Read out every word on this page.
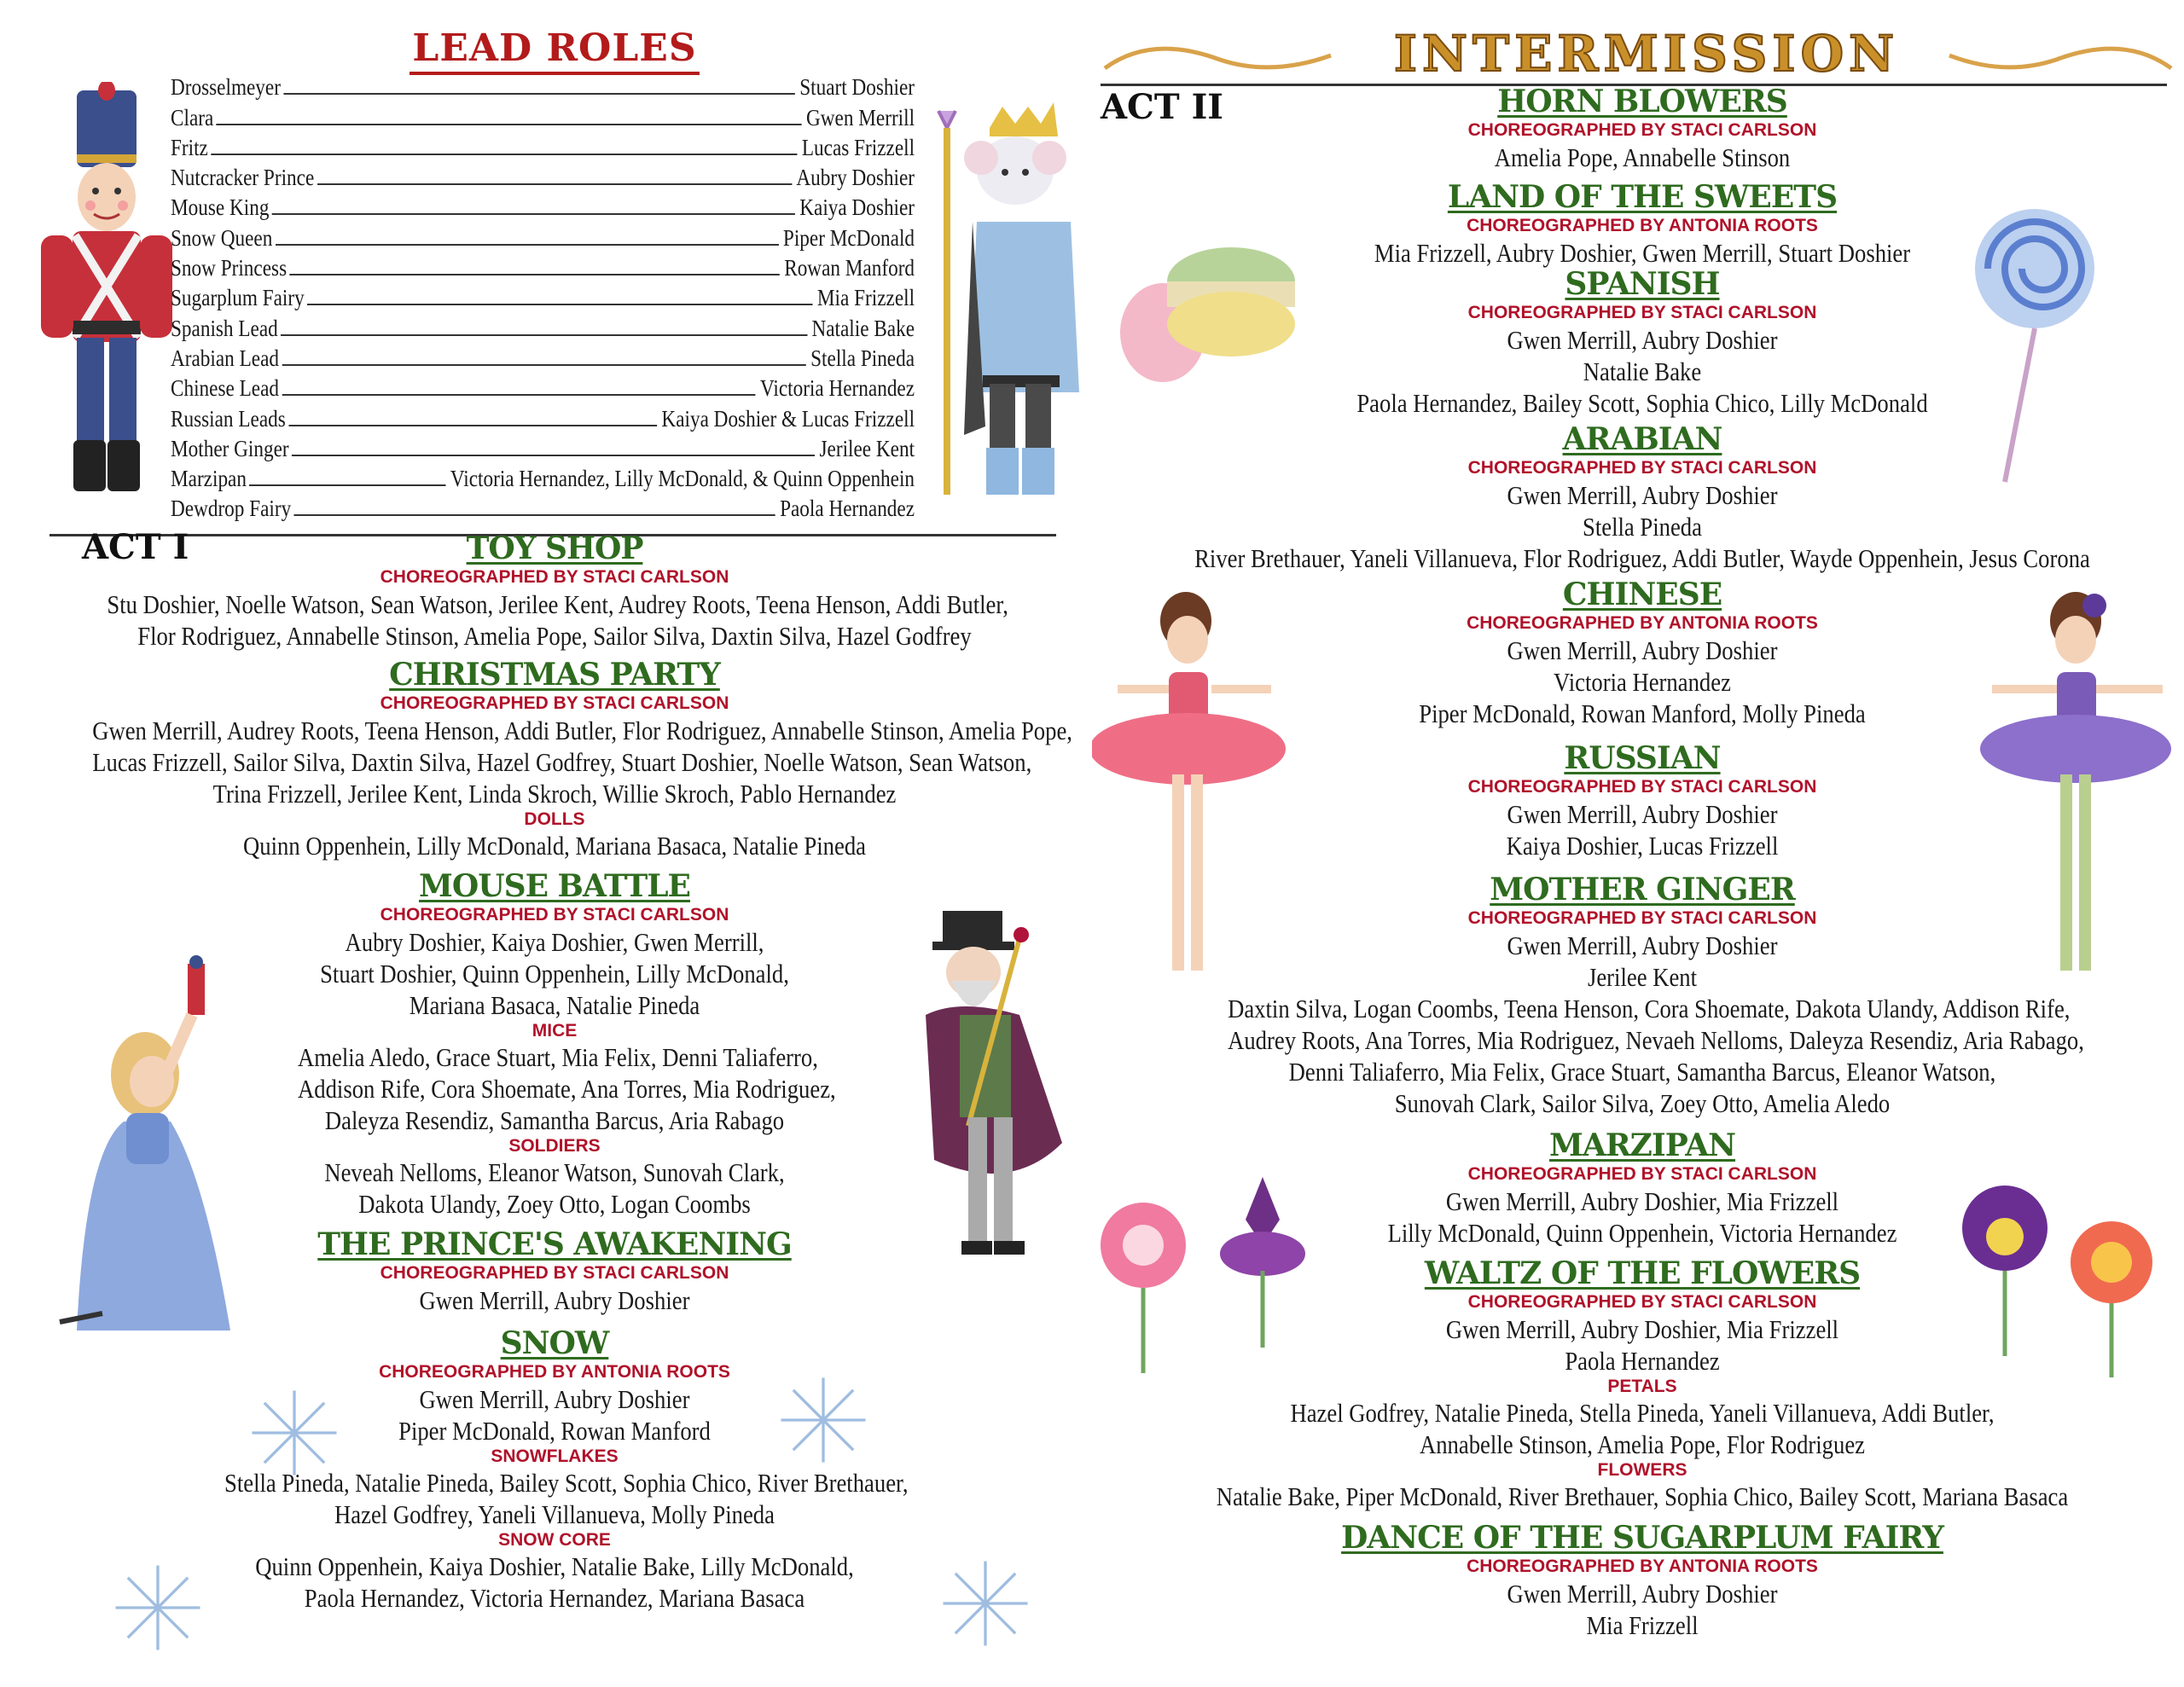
LEAD ROLES
Drosselmeyer	Stuart Doshier
Clara	Gwen Merrill
Fritz	Lucas Frizzell
Nutcracker Prince	Aubry Doshier
Mouse King	Kaiya Doshier
Snow Queen	Piper McDonald
Snow Princess	Rowan Manford
Sugarplum Fairy	Mia Frizzell
Spanish Lead	Natalie Bake
Arabian Lead	Stella Pineda
Chinese Lead	Victoria Hernandez
Russian Leads	Kaiya Doshier & Lucas Frizzell
Mother Ginger	Jerilee Kent
Marzipan	Victoria Hernandez, Lilly McDonald, & Quinn Oppenhein
Dewdrop Fairy	Paola Hernandez
ACT I	TOY SHOP
CHOREOGRAPHED BY STACI CARLSON
Stu Doshier, Noelle Watson, Sean Watson, Jerilee Kent, Audrey Roots, Teena Henson, Addi Butler,
Flor Rodriguez, Annabelle Stinson, Amelia Pope, Sailor Silva, Daxtin Silva, Hazel Godfrey
CHRISTMAS PARTY
CHOREOGRAPHED BY STACI CARLSON
Gwen Merrill, Audrey Roots, Teena Henson, Addi Butler, Flor Rodriguez, Annabelle Stinson, Amelia Pope,
Lucas Frizzell, Sailor Silva, Daxtin Silva, Hazel Godfrey, Stuart Doshier, Noelle Watson, Sean Watson,
Trina Frizzell, Jerilee Kent, Linda Skroch, Willie Skroch, Pablo Hernandez
DOLLS
Quinn Oppenhein, Lilly McDonald, Mariana Basaca, Natalie Pineda
MOUSE BATTLE
CHOREOGRAPHED BY STACI CARLSON
Aubry Doshier, Kaiya Doshier, Gwen Merrill,
Stuart Doshier, Quinn Oppenhein, Lilly McDonald,
Mariana Basaca, Natalie Pineda
MICE
Amelia Aledo, Grace Stuart, Mia Felix, Denni Taliaferro,
Addison Rife, Cora Shoemate, Ana Torres, Mia Rodriguez,
Daleyza Resendiz, Samantha Barcus, Aria Rabago
SOLDIERS
Neveah Nelloms, Eleanor Watson, Sunovah Clark,
Dakota Ulandy, Zoey Otto, Logan Coombs
THE PRINCE'S AWAKENING
CHOREOGRAPHED BY STACI CARLSON
Gwen Merrill, Aubry Doshier
SNOW
CHOREOGRAPHED BY ANTONIA ROOTS
Gwen Merrill, Aubry Doshier
Piper McDonald, Rowan Manford
SNOWFLAKES
Stella Pineda, Natalie Pineda, Bailey Scott, Sophia Chico, River Brethauer,
Hazel Godfrey, Yaneli Villanueva, Molly Pineda
SNOW CORE
Quinn Oppenhein, Kaiya Doshier, Natalie Bake, Lilly McDonald,
Paola Hernandez, Victoria Hernandez, Mariana Basaca
INTERMISSION
ACT II	HORN BLOWERS
CHOREOGRAPHED BY STACI CARLSON
Amelia Pope, Annabelle Stinson
LAND OF THE SWEETS
CHOREOGRAPHED BY ANTONIA ROOTS
Mia Frizzell, Aubry Doshier, Gwen Merrill, Stuart Doshier
SPANISH
CHOREOGRAPHED BY STACI CARLSON
Gwen Merrill, Aubry Doshier
Natalie Bake
Paola Hernandez, Bailey Scott, Sophia Chico, Lilly McDonald
ARABIAN
CHOREOGRAPHED BY STACI CARLSON
Gwen Merrill, Aubry Doshier
Stella Pineda
River Brethauer, Yaneli Villanueva, Flor Rodriguez, Addi Butler, Wayde Oppenhein, Jesus Corona
CHINESE
CHOREOGRAPHED BY ANTONIA ROOTS
Gwen Merrill, Aubry Doshier
Victoria Hernandez
Piper McDonald, Rowan Manford, Molly Pineda
RUSSIAN
CHOREOGRAPHED BY STACI CARLSON
Gwen Merrill, Aubry Doshier
Kaiya Doshier, Lucas Frizzell
MOTHER GINGER
CHOREOGRAPHED BY STACI CARLSON
Gwen Merrill, Aubry Doshier
Jerilee Kent
Daxtin Silva, Logan Coombs, Teena Henson, Cora Shoemate, Dakota Ulandy, Addison Rife,
Audrey Roots, Ana Torres, Mia Rodriguez, Nevaeh Nelloms, Daleyza Resendiz, Aria Rabago,
Denni Taliaferro, Mia Felix, Grace Stuart, Samantha Barcus, Eleanor Watson,
Sunovah Clark, Sailor Silva, Zoey Otto, Amelia Aledo
MARZIPAN
CHOREOGRAPHED BY STACI CARLSON
Gwen Merrill, Aubry Doshier, Mia Frizzell
Lilly McDonald, Quinn Oppenhein, Victoria Hernandez
WALTZ OF THE FLOWERS
CHOREOGRAPHED BY STACI CARLSON
Gwen Merrill, Aubry Doshier, Mia Frizzell
Paola Hernandez
PETALS
Hazel Godfrey, Natalie Pineda, Stella Pineda, Yaneli Villanueva, Addi Butler,
Annabelle Stinson, Amelia Pope, Flor Rodriguez
FLOWERS
Natalie Bake, Piper McDonald, River Brethauer, Sophia Chico, Bailey Scott, Mariana Basaca
DANCE OF THE SUGARPLUM FAIRY
CHOREOGRAPHED BY ANTONIA ROOTS
Gwen Merrill, Aubry Doshier
Mia Frizzell
